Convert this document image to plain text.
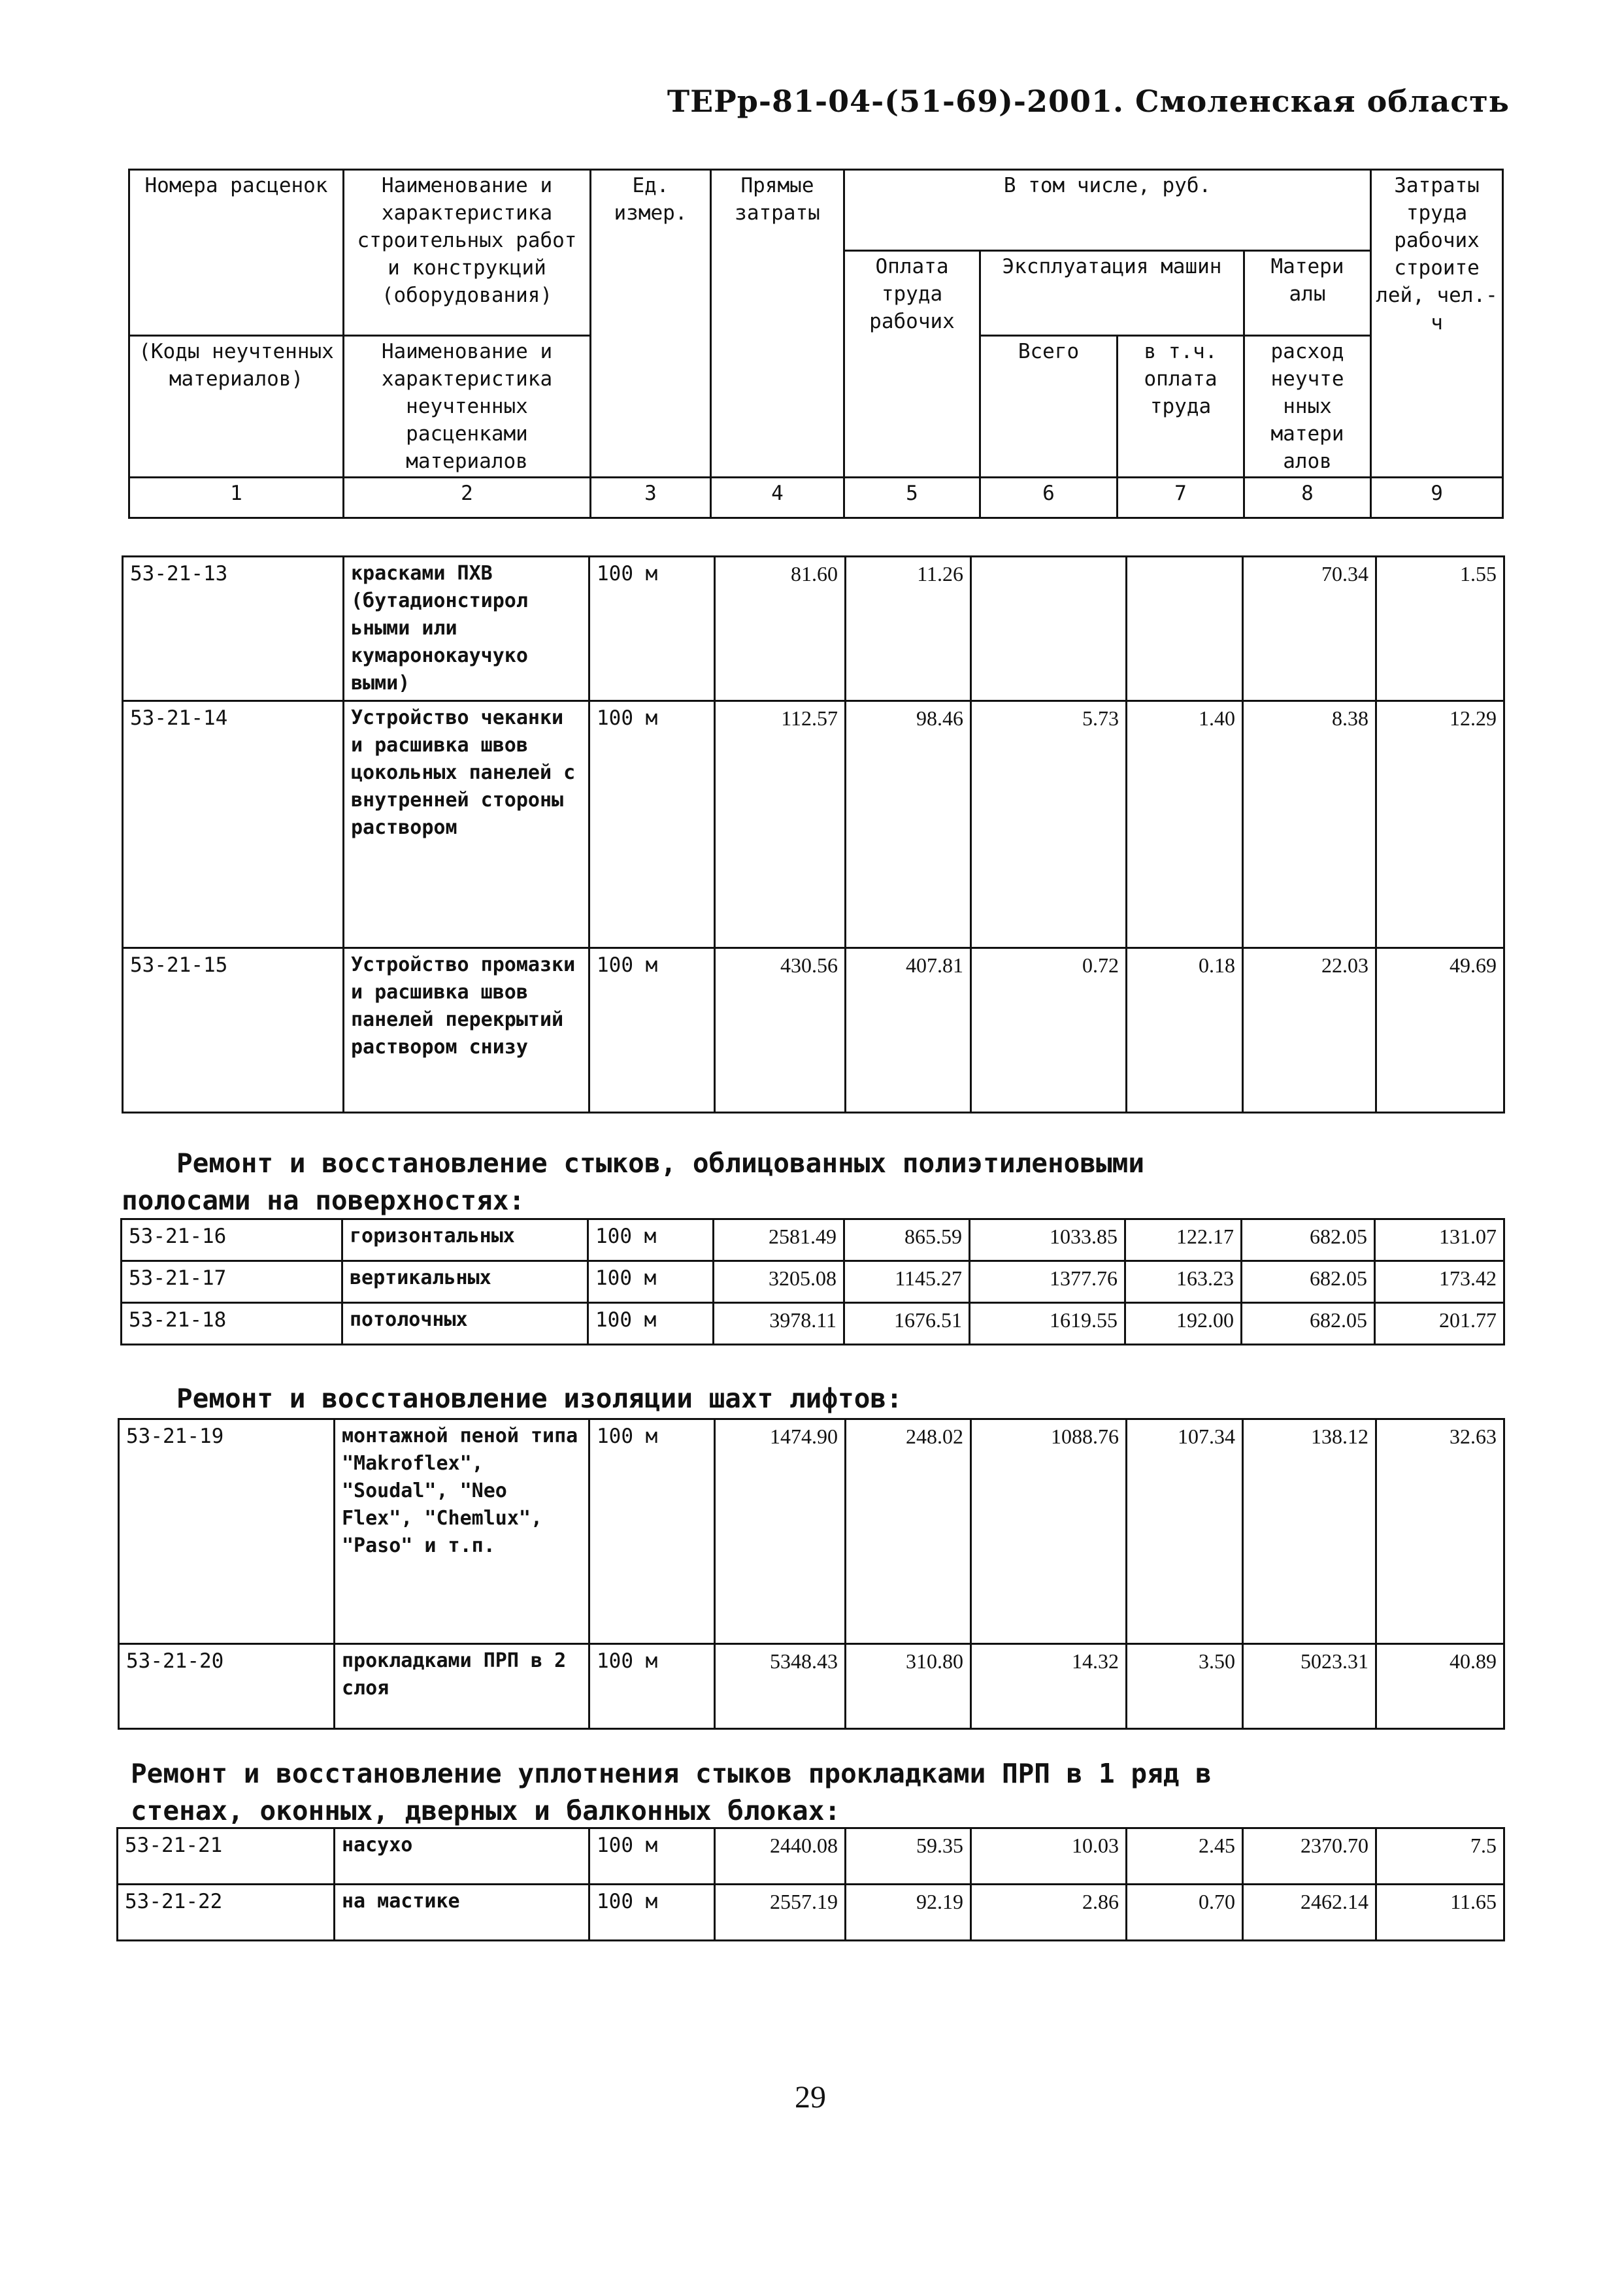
ТЕРр-81-04-(51-69)-2001. Смоленская область
Номера расценок	Наименование и характеристика строительных работ и конструкций (оборудования)	Ед. измер.	Прямые затраты	В том числе, руб.				Затраты труда рабочих строите лей, чел.-ч
				Оплата труда рабочих	Эксплуатация машин		Матери алы	
(Коды неучтенных материалов)	Наименование и характеристика неучтенных расценками материалов				Всего	в т.ч. оплата труда	расход неучте нных матери алов	
1	2	3	4	5	6	7	8	9
53-21-13	красками ПХВ (бутадионстирол ьными или кумаронокаучуко выми)	100 м	81.60	11.26			70.34	1.55
53-21-14	Устройство чеканки и расшивка швов цокольных панелей с внутренней стороны раствором	100 м	112.57	98.46	5.73	1.40	8.38	12.29
53-21-15	Устройство промазки и расшивка швов панелей перекрытий раствором снизу	100 м	430.56	407.81	0.72	0.18	22.03	49.69
Ремонт и восстановление стыков, облицованных полиэтиленовыми
полосами на поверхностях:
53-21-16	горизонтальных	100 м	2581.49	865.59	1033.85	122.17	682.05	131.07
53-21-17	вертикальных	100 м	3205.08	1145.27	1377.76	163.23	682.05	173.42
53-21-18	потолочных	100 м	3978.11	1676.51	1619.55	192.00	682.05	201.77
Ремонт и восстановление изоляции шахт лифтов:
53-21-19	монтажной пеной типа "Makroflex", "Soudal", "Neo Flex", "Chemlux", "Paso" и т.п.	100 м	1474.90	248.02	1088.76	107.34	138.12	32.63
53-21-20	прокладками ПРП в 2 слоя	100 м	5348.43	310.80	14.32	3.50	5023.31	40.89
Ремонт и восстановление уплотнения стыков прокладками ПРП в 1 ряд в
стенах, оконных, дверных и балконных блоках:
53-21-21	насухо	100 м	2440.08	59.35	10.03	2.45	2370.70	7.5
53-21-22	на мастике	100 м	2557.19	92.19	2.86	0.70	2462.14	11.65
29
